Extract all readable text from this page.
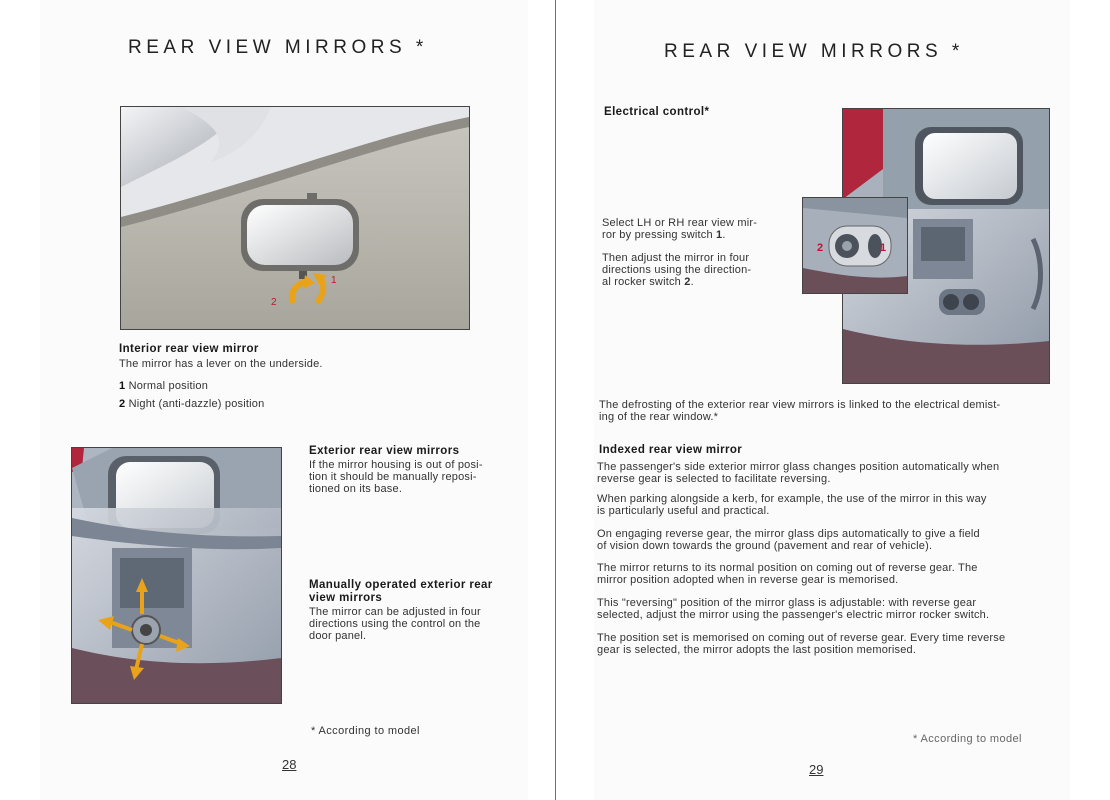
REAR VIEW MIRRORS *
1
2
Interior rear view mirror
The mirror has a lever on the underside.
1 Normal position
2 Night (anti-dazzle) position
Exterior rear view mirrors
If the mirror housing is out of posi-
tion it should be manually reposi-
tioned on its base.
Manually operated exterior rear
view mirrors
The mirror can be adjusted in four
directions using the control on the
door panel.
* According to model
28
REAR VIEW MIRRORS *
Electrical control*
Select LH or RH rear view mir-
ror by pressing switch 1.
Then adjust the mirror in four
directions using the direction-
al rocker switch 2.
2	1
The defrosting of the exterior rear view mirrors is linked to the electrical demist-
ing of the rear window.*
Indexed rear view mirror
The passenger's side exterior mirror glass changes position automatically when
reverse gear is selected to facilitate reversing.
When parking alongside a kerb, for example, the use of the mirror in this way
is particularly useful and practical.
On engaging reverse gear, the mirror glass dips automatically to give a field
of vision down towards the ground (pavement and rear of vehicle).
The mirror returns to its normal position on coming out of reverse gear. The
mirror position adopted when in reverse gear is memorised.
This "reversing" position of the mirror glass is adjustable: with reverse gear
selected, adjust the mirror using the passenger's electric mirror rocker switch.
The position set is memorised on coming out of reverse gear. Every time reverse
gear is selected, the mirror adopts the last position memorised.
* According to model
29
